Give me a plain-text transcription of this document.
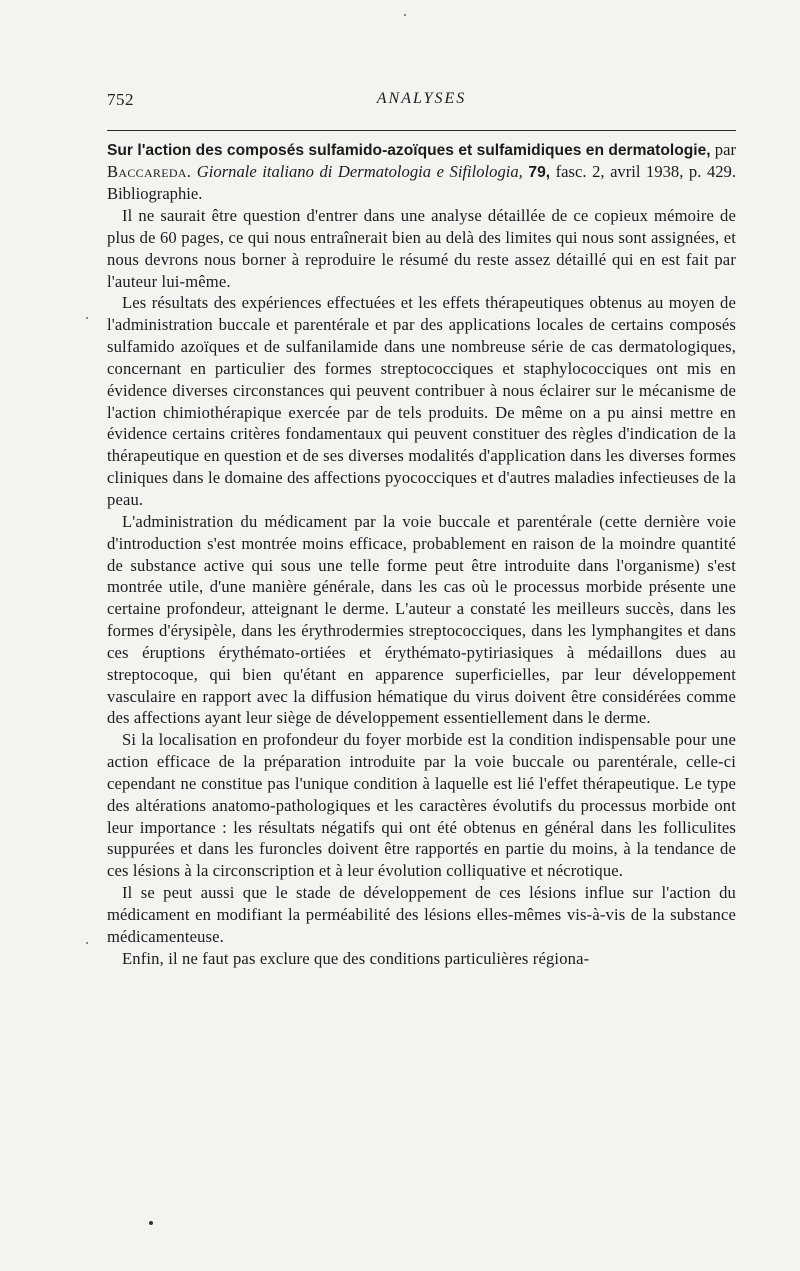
752	ANALYSES

Sur l'action des composés sulfamido-azoïques et sulfamidiques en dermatologie, par Baccareda. Giornale italiano di Dermatologia e Sifilologia, 79, fasc. 2, avril 1938, p. 429. Bibliographie.

Il ne saurait être question d'entrer dans une analyse détaillée de ce copieux mémoire de plus de 60 pages, ce qui nous entraînerait bien au delà des limites qui nous sont assignées, et nous devrons nous borner à reproduire le résumé du reste assez détaillé qui en est fait par l'auteur lui-même.

Les résultats des expériences effectuées et les effets thérapeutiques obtenus au moyen de l'administration buccale et parentérale et par des applications locales de certains composés sulfamido azoïques et de sulfanilamide dans une nombreuse série de cas dermatologiques, concernant en particulier des formes streptococciques et staphylococciques ont mis en évidence diverses circonstances qui peuvent contribuer à nous éclairer sur le mécanisme de l'action chimiothérapique exercée par de tels produits. De même on a pu ainsi mettre en évidence certains critères fondamentaux qui peuvent constituer des règles d'indication de la thérapeutique en question et de ses diverses modalités d'application dans les diverses formes cliniques dans le domaine des affections pyococciques et d'autres maladies infectieuses de la peau.

L'administration du médicament par la voie buccale et parentérale (cette dernière voie d'introduction s'est montrée moins efficace, probablement en raison de la moindre quantité de substance active qui sous une telle forme peut être introduite dans l'organisme) s'est montrée utile, d'une manière générale, dans les cas où le processus morbide présente une certaine profondeur, atteignant le derme. L'auteur a constaté les meilleurs succès, dans les formes d'érysipèle, dans les érythrodermies streptococciques, dans les lymphangites et dans ces éruptions érythémato-ortiées et érythémato-pytiriasiques à médaillons dues au streptocoque, qui bien qu'étant en apparence superficielles, par leur développement vasculaire en rapport avec la diffusion hématique du virus doivent être considérées comme des affections ayant leur siège de développement essentiellement dans le derme.

Si la localisation en profondeur du foyer morbide est la condition indispensable pour une action efficace de la préparation introduite par la voie buccale ou parentérale, celle-ci cependant ne constitue pas l'unique condition à laquelle est lié l'effet thérapeutique. Le type des altérations anatomo-pathologiques et les caractères évolutifs du processus morbide ont leur importance : les résultats négatifs qui ont été obtenus en général dans les folliculites suppurées et dans les furoncles doivent être rapportés en partie du moins, à la tendance de ces lésions à la circonscription et à leur évolution colliquative et nécrotique.

Il se peut aussi que le stade de développement de ces lésions influe sur l'action du médicament en modifiant la perméabilité des lésions elles-mêmes vis-à-vis de la substance médicamenteuse.

Enfin, il ne faut pas exclure que des conditions particulières régiona-
